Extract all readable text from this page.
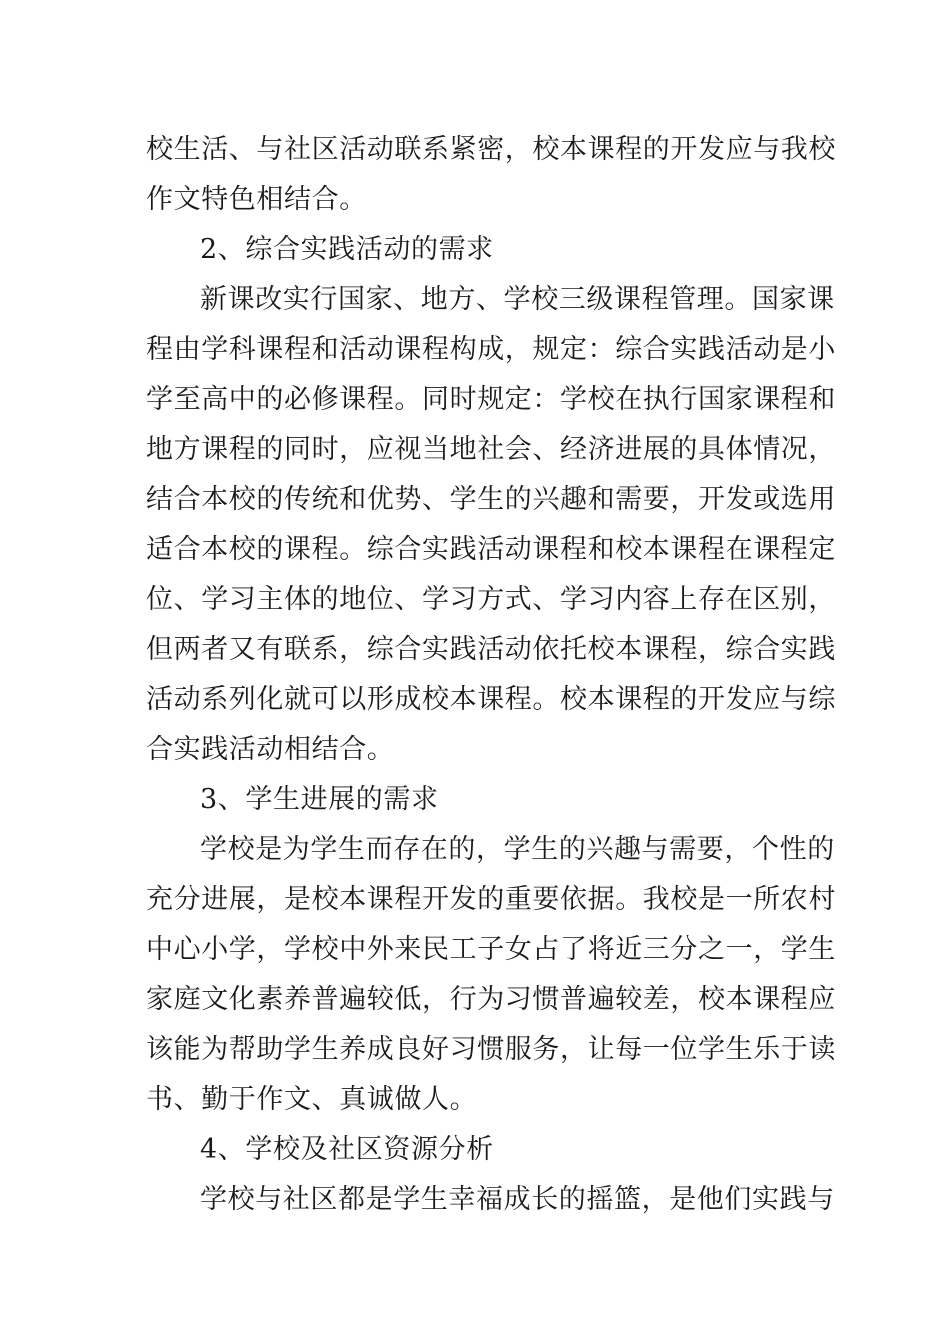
校生活、与社区活动联系紧密，校本课程的开发应与我校
作文特色相结合。
2、综合实践活动的需求
新课改实行国家、地方、学校三级课程管理。国家课
程由学科课程和活动课程构成，规定：综合实践活动是小
学至高中的必修课程。同时规定：学校在执行国家课程和
地方课程的同时，应视当地社会、经济进展的具体情况，
结合本校的传统和优势、学生的兴趣和需要，开发或选用
适合本校的课程。综合实践活动课程和校本课程在课程定
位、学习主体的地位、学习方式、学习内容上存在区别，
但两者又有联系，综合实践活动依托校本课程，综合实践
活动系列化就可以形成校本课程。校本课程的开发应与综
合实践活动相结合。
3、学生进展的需求
学校是为学生而存在的，学生的兴趣与需要，个性的
充分进展，是校本课程开发的重要依据。我校是一所农村
中心小学，学校中外来民工子女占了将近三分之一，学生
家庭文化素养普遍较低，行为习惯普遍较差，校本课程应
该能为帮助学生养成良好习惯服务，让每一位学生乐于读
书、勤于作文、真诚做人。
4、学校及社区资源分析
学校与社区都是学生幸福成长的摇篮，是他们实践与
